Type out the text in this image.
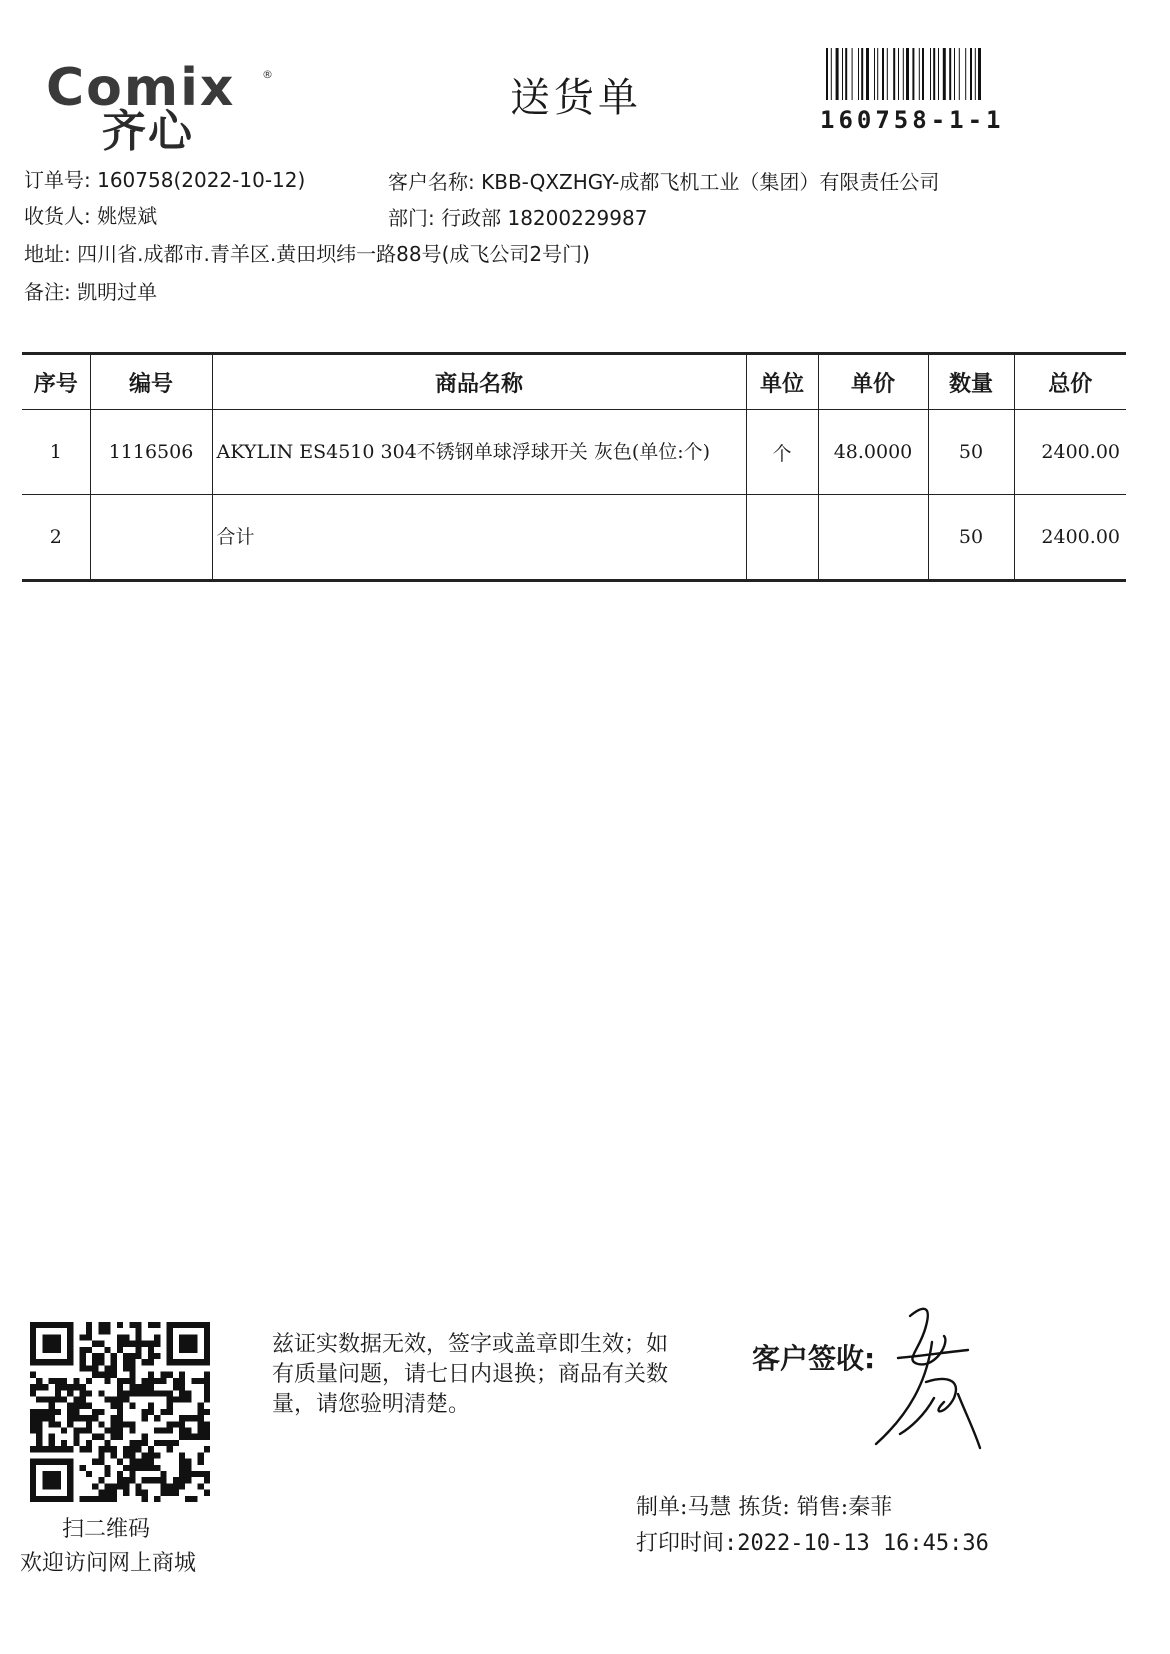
Comix ®
齐心
送货单	160758-1-1
订单号: 160758(2022-10-12)	客户名称: KBB-QXZHGY-成都飞机工业（集团）有限责任公司
收货人: 姚煜斌	部门: 行政部 18200229987
地址: 四川省.成都市.青羊区.黄田坝纬一路88号(成飞公司2号门)
备注: 凯明过单
序号	编号	商品名称	单位	单价	数量	总价
1	1116506	AKYLIN ES4510 304不锈钢单球浮球开关 灰色(单位:个)	个	48.0000	50	2400.00
2		合计			50	2400.00
扫二维码
欢迎访问网上商城
兹证实数据无效，签字或盖章即生效；如有质量问题，请七日内退换；商品有关数量，请您验明清楚。
客户签收:
制单:马慧 拣货: 销售:秦菲
打印时间:2022-10-13 16:45:36
